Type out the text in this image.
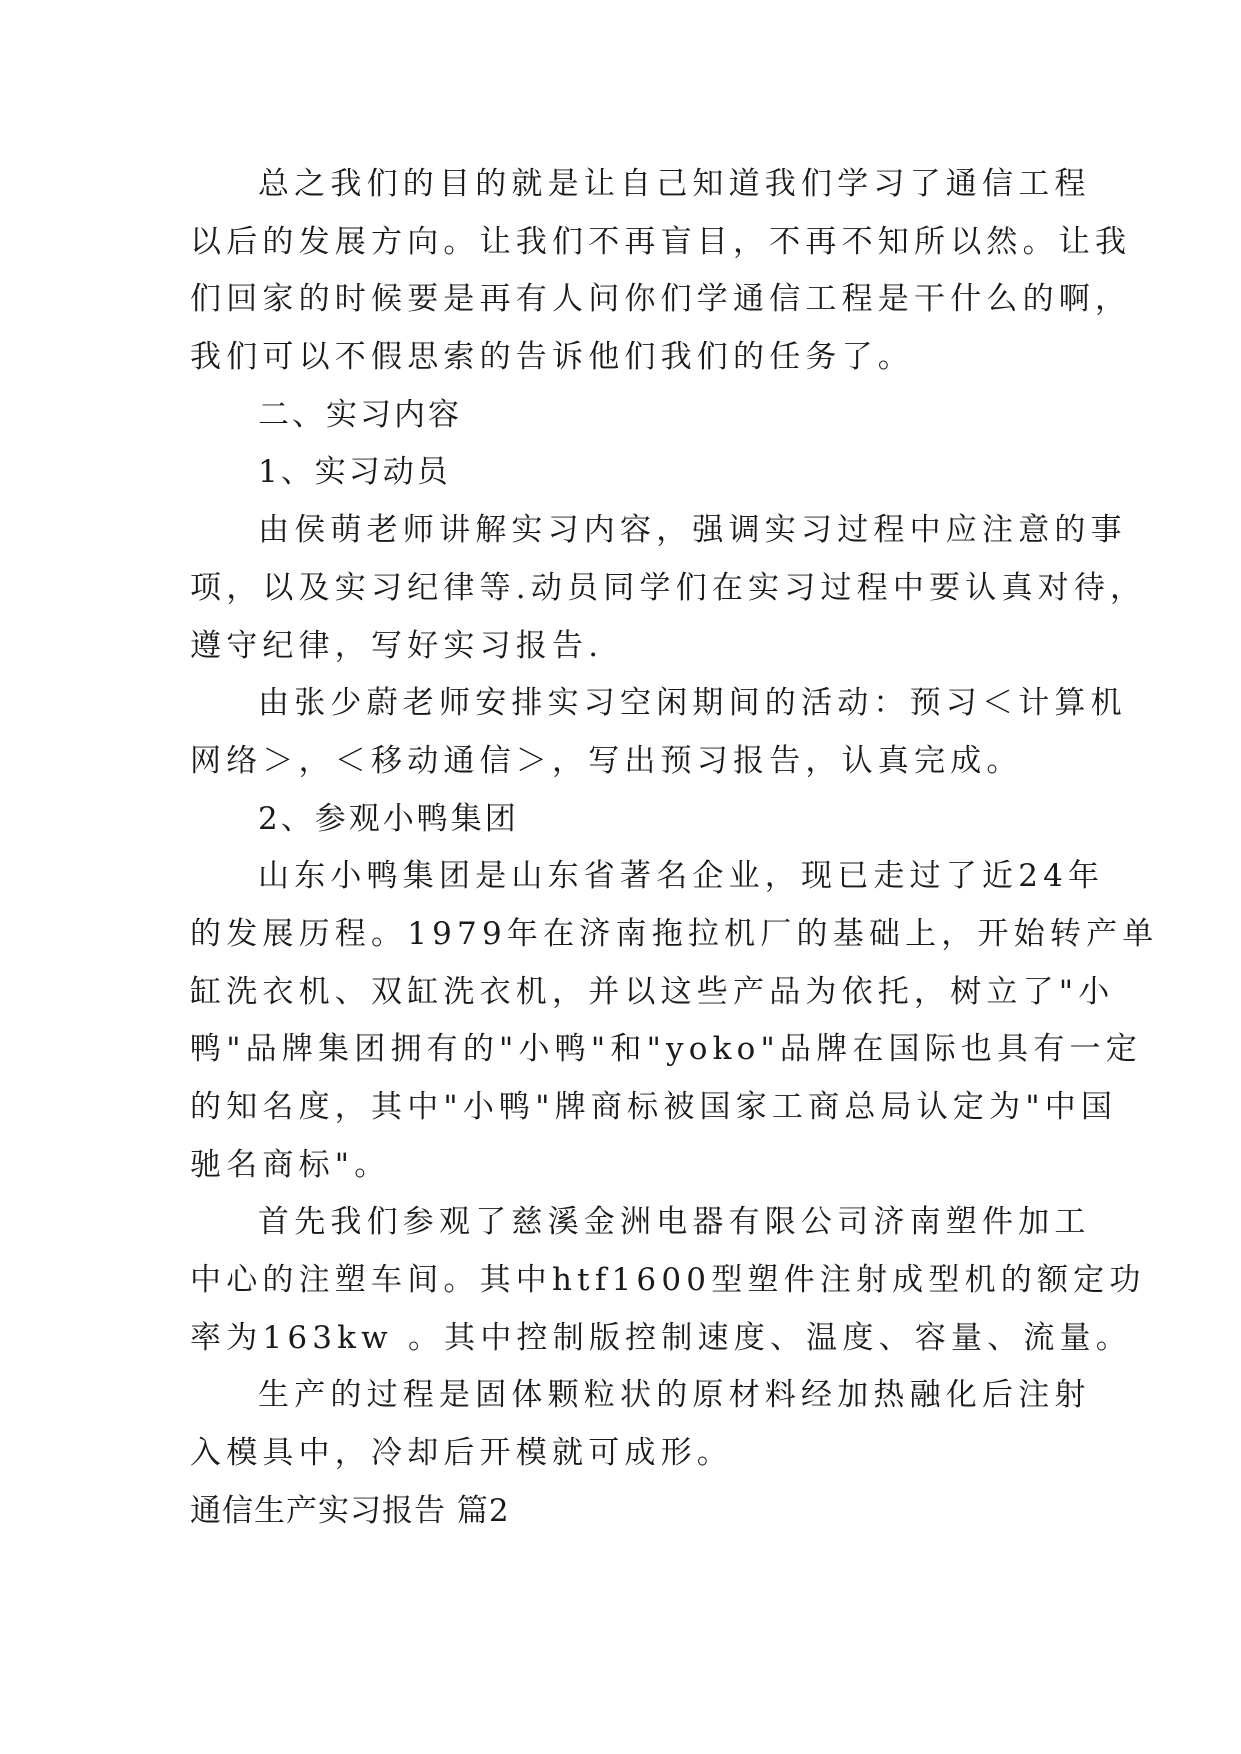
总之我们的目的就是让自己知道我们学习了通信工程
以后的发展方向。让我们不再盲目，不再不知所以然。让我
们回家的时候要是再有人问你们学通信工程是干什么的啊，
我们可以不假思索的告诉他们我们的任务了。
二、实习内容
1、实习动员
由侯萌老师讲解实习内容，强调实习过程中应注意的事
项，以及实习纪律等.动员同学们在实习过程中要认真对待，
遵守纪律，写好实习报告.
由张少蔚老师安排实习空闲期间的活动：预习＜计算机
网络＞，＜移动通信＞，写出预习报告，认真完成。
2、参观小鸭集团
山东小鸭集团是山东省著名企业，现已走过了近24年
的发展历程。1979年在济南拖拉机厂的基础上，开始转产单
缸洗衣机、双缸洗衣机，并以这些产品为依托，树立了"小
鸭"品牌集团拥有的"小鸭"和"yoko"品牌在国际也具有一定
的知名度，其中"小鸭"牌商标被国家工商总局认定为"中国
驰名商标"。
首先我们参观了慈溪金洲电器有限公司济南塑件加工
中心的注塑车间。其中htf1600型塑件注射成型机的额定功
率为163kw 。其中控制版控制速度、温度、容量、流量。
生产的过程是固体颗粒状的原材料经加热融化后注射
入模具中，冷却后开模就可成形。
通信生产实习报告 篇2
